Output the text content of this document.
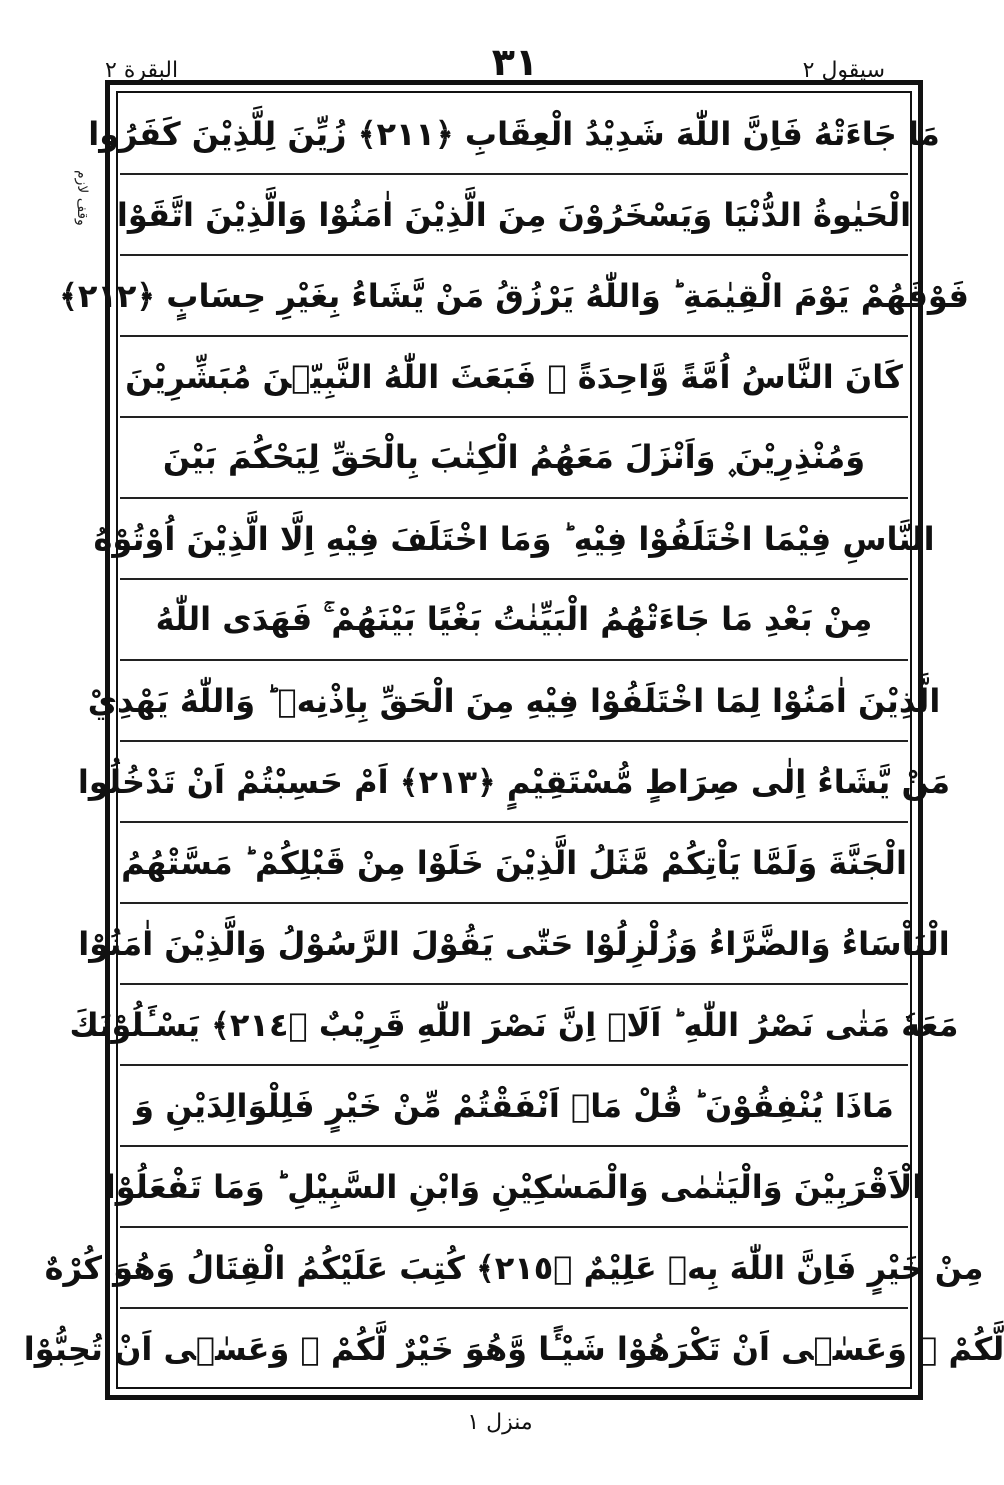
البقرة ٢	٣١	سيقول ٢
وقف لازم
مَا جَاءَتْهُ فَاِنَّ اللّٰهَ شَدِيْدُ الْعِقَابِ ﴿٢١١﴾ زُيِّنَ لِلَّذِيْنَ كَفَرُوا
الْحَيٰوةُ الدُّنْيَا وَيَسْخَرُوْنَ مِنَ الَّذِيْنَ اٰمَنُوْا وَالَّذِيْنَ اتَّقَوْا
فَوْقَهُمْ يَوْمَ الْقِيٰمَةِ ؕ وَاللّٰهُ يَرْزُقُ مَنْ يَّشَاءُ بِغَيْرِ حِسَابٍ ﴿٢١٢﴾
كَانَ النَّاسُ اُمَّةً وَّاحِدَةً ۫ فَبَعَثَ اللّٰهُ النَّبِيّٖنَ مُبَشِّرِيْنَ
وَمُنْذِرِيْنَ ۪ وَاَنْزَلَ مَعَهُمُ الْكِتٰبَ بِالْحَقِّ لِيَحْكُمَ بَيْنَ
النَّاسِ فِيْمَا اخْتَلَفُوْا فِيْهِ ؕ وَمَا اخْتَلَفَ فِيْهِ اِلَّا الَّذِيْنَ اُوْتُوْهُ
مِنْ بَعْدِ مَا جَاءَتْهُمُ الْبَيِّنٰتُ بَغْيًا بَيْنَهُمْ ۚ فَهَدَى اللّٰهُ
الَّذِيْنَ اٰمَنُوْا لِمَا اخْتَلَفُوْا فِيْهِ مِنَ الْحَقِّ بِاِذْنِهٖ ؕ وَاللّٰهُ يَهْدِيْ
مَنْ يَّشَاءُ اِلٰى صِرَاطٍ مُّسْتَقِيْمٍ ﴿٢١٣﴾ اَمْ حَسِبْتُمْ اَنْ تَدْخُلُوا
الْجَنَّةَ وَلَمَّا يَاْتِكُمْ مَّثَلُ الَّذِيْنَ خَلَوْا مِنْ قَبْلِكُمْ ؕ مَسَّتْهُمُ
الْبَاْسَاءُ وَالضَّرَّاءُ وَزُلْزِلُوْا حَتّٰى يَقُوْلَ الرَّسُوْلُ وَالَّذِيْنَ اٰمَنُوْا
مَعَهٗ مَتٰى نَصْرُ اللّٰهِ ؕ اَلَاۤ اِنَّ نَصْرَ اللّٰهِ قَرِيْبٌ ﴿٢١٤﴾ يَسْـَٔلُوْنَكَ
مَاذَا يُنْفِقُوْنَ ؕ قُلْ مَاۤ اَنْفَقْتُمْ مِّنْ خَيْرٍ فَلِلْوَالِدَيْنِ وَ
الْاَقْرَبِيْنَ وَالْيَتٰمٰى وَالْمَسٰكِيْنِ وَابْنِ السَّبِيْلِ ؕ وَمَا تَفْعَلُوْا
مِنْ خَيْرٍ فَاِنَّ اللّٰهَ بِهٖ عَلِيْمٌ ﴿٢١٥﴾ كُتِبَ عَلَيْكُمُ الْقِتَالُ وَهُوَ كُرْهٌ
لَّكُمْ ۚ وَعَسٰۤى اَنْ تَكْرَهُوْا شَيْـًٔا وَّهُوَ خَيْرٌ لَّكُمْ ۚ وَعَسٰۤى اَنْ تُحِبُّوْا
منزل ١
